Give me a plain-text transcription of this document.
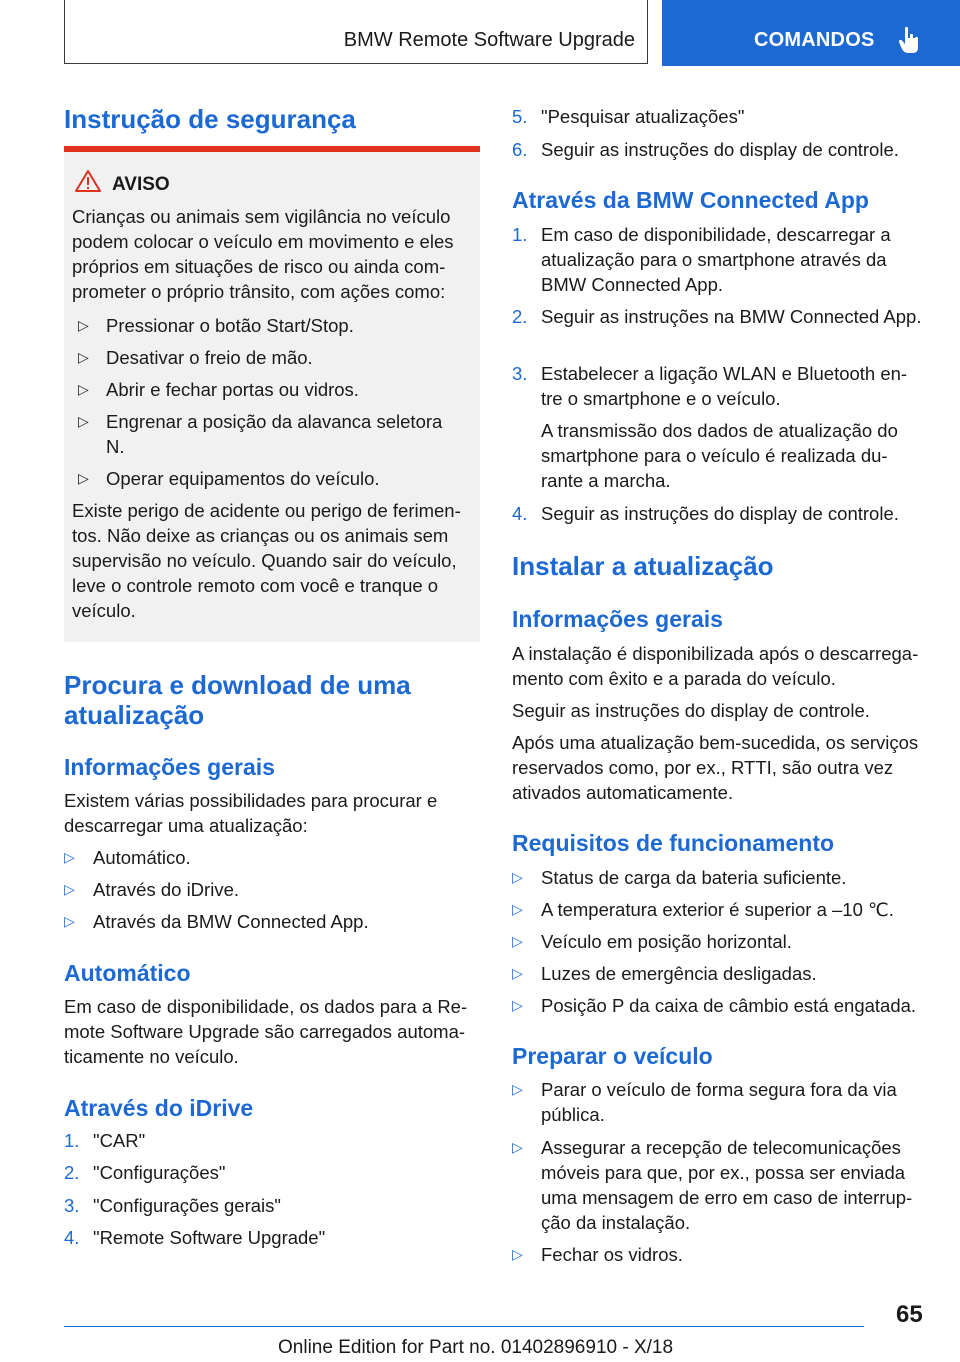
BMW Remote Software Upgrade	COMANDOS
Instrução de segurança
AVISO
Crianças ou animais sem vigilância no veículo podem colocar o veículo em movimento e eles próprios em situações de risco ou ainda com-prometer o próprio trânsito, com ações como:
▷ Pressionar o botão Start/Stop.
▷ Desativar o freio de mão.
▷ Abrir e fechar portas ou vidros.
▷ Engrenar a posição da alavanca seletora N.
▷ Operar equipamentos do veículo.
Existe perigo de acidente ou perigo de ferimen-tos. Não deixe as crianças ou os animais sem supervisão no veículo. Quando sair do veículo, leve o controle remoto com você e tranque o veículo.
Procura e download de uma atualização
Informações gerais
Existem várias possibilidades para procurar e descarregar uma atualização:
▷ Automático.
▷ Através do iDrive.
▷ Através da BMW Connected App.
Automático
Em caso de disponibilidade, os dados para a Re-mote Software Upgrade são carregados automa-ticamente no veículo.
Através do iDrive
1. "CAR"
2. "Configurações"
3. "Configurações gerais"
4. "Remote Software Upgrade"
5. "Pesquisar atualizações"
6. Seguir as instruções do display de controle.
Através da BMW Connected App
1. Em caso de disponibilidade, descarregar a atualização para o smartphone através da BMW Connected App.
2. Seguir as instruções na BMW Connected App.
3. Estabelecer a ligação WLAN e Bluetooth en-tre o smartphone e o veículo.
A transmissão dos dados de atualização do smartphone para o veículo é realizada du-rante a marcha.
4. Seguir as instruções do display de controle.
Instalar a atualização
Informações gerais
A instalação é disponibilizada após o descarrega-mento com êxito e a parada do veículo.
Seguir as instruções do display de controle.
Após uma atualização bem-sucedida, os serviços reservados como, por ex., RTTI, são outra vez ativados automaticamente.
Requisitos de funcionamento
▷ Status de carga da bateria suficiente.
▷ A temperatura exterior é superior a –10 ℃.
▷ Veículo em posição horizontal.
▷ Luzes de emergência desligadas.
▷ Posição P da caixa de câmbio está engatada.
Preparar o veículo
▷ Parar o veículo de forma segura fora da via pública.
▷ Assegurar a recepção de telecomunicações móveis para que, por ex., possa ser enviada uma mensagem de erro em caso de interrup-ção da instalação.
▷ Fechar os vidros.
65
Online Edition for Part no. 01402896910 - X/18
